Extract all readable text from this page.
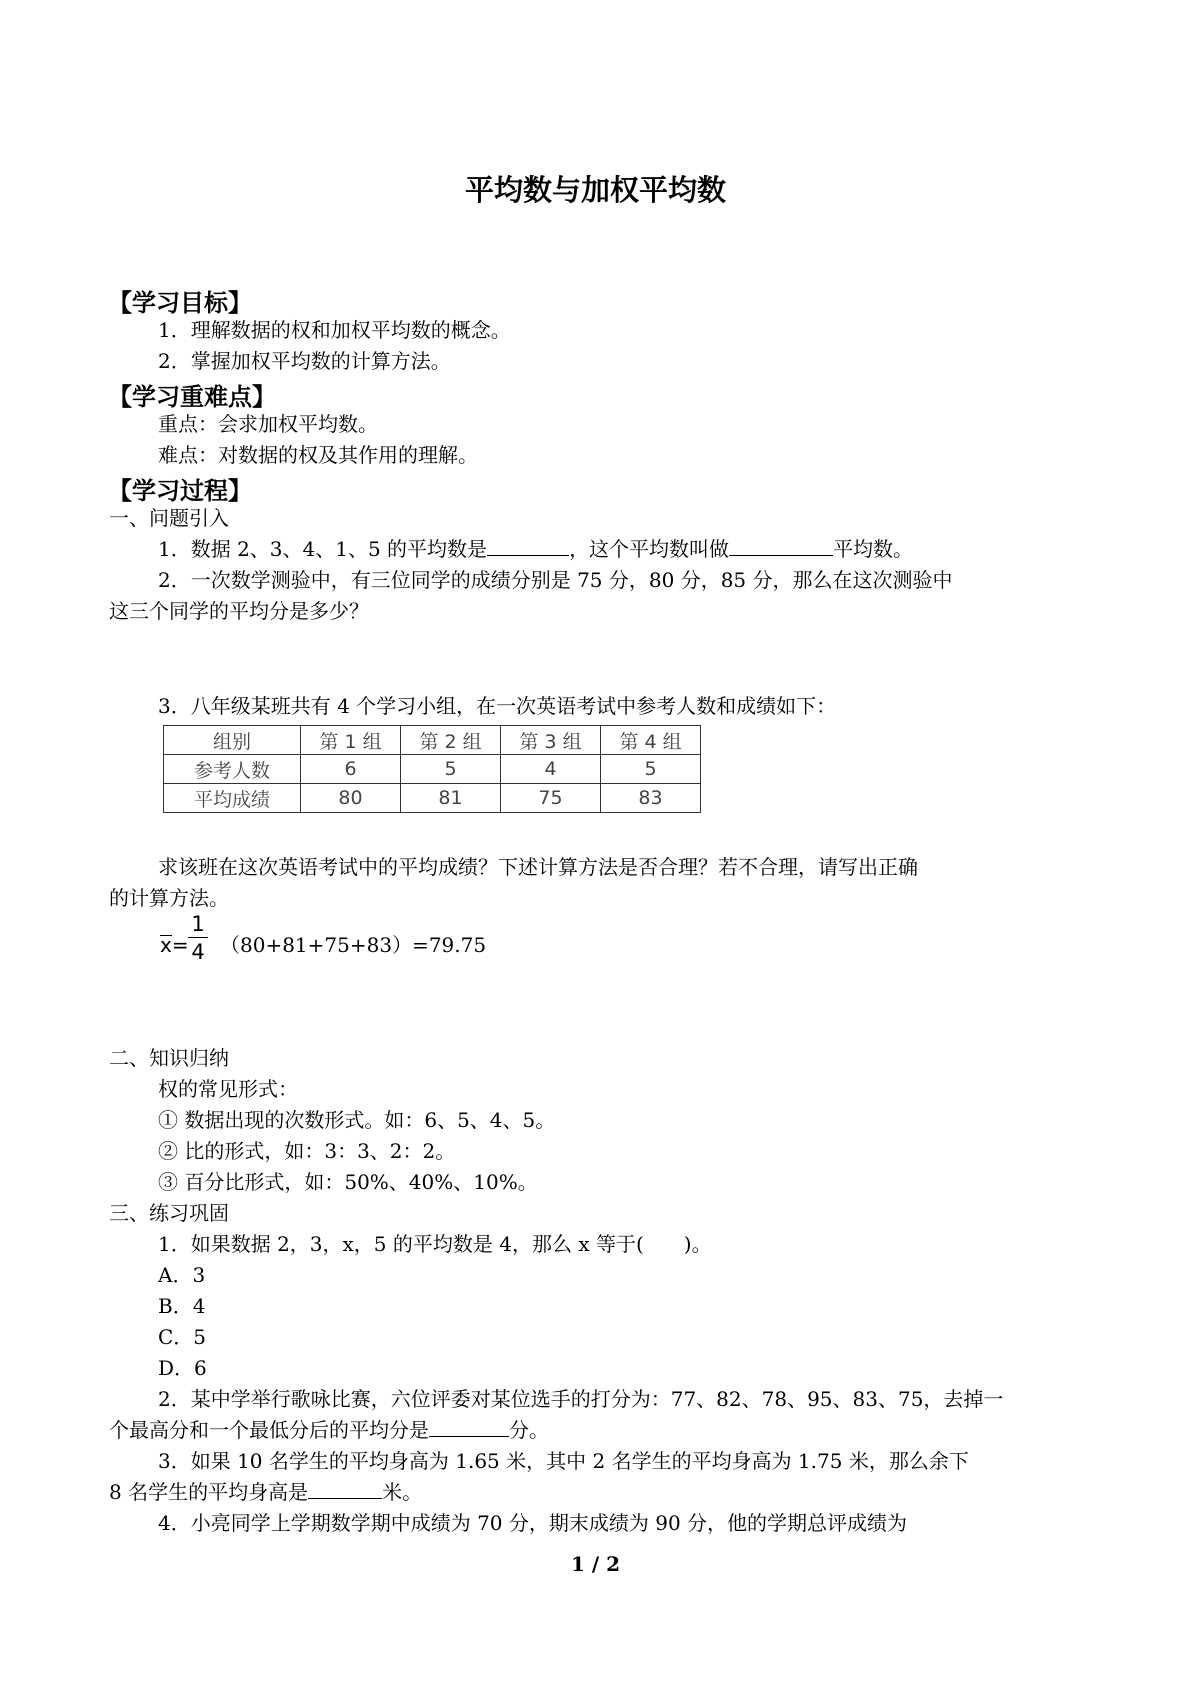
平均数与加权平均数
【学习目标】
1．理解数据的权和加权平均数的概念。
2．掌握加权平均数的计算方法。
【学习重难点】
重点：会求加权平均数。
难点：对数据的权及其作用的理解。
【学习过程】
一、问题引入
1．数据 2、3、4、1、5 的平均数是	，这个平均数叫做	平均数。
2．一次数学测验中，有三位同学的成绩分别是 75 分，80 分，85 分，那么在这次测验中
这三个同学的平均分是多少？
3．八年级某班共有 4 个学习小组，在一次英语考试中参考人数和成绩如下：
组别	第 1 组	第 2 组	第 3 组	第 4 组
参考人数	6	5	4	5
平均成绩	80	81	75	83
求该班在这次英语考试中的平均成绩？下述计算方法是否合理？若不合理，请写出正确
的计算方法。
$x= \frac{1}{4} (80+81+75+83)=79.75$
二、知识归纳
权的常见形式：
① 数据出现的次数形式。如：6、5、4、5。
② 比的形式，如：3：3、2：2。
③ 百分比形式，如：50%、40%、10%。
三、练习巩固
1．如果数据 2，3，x，5 的平均数是 4，那么 x 等于(　　)。
A．3
B．4
C．5
D．6
2．某中学举行歌咏比赛，六位评委对某位选手的打分为：77、82、78、95、83、75，去掉一
个最高分和一个最低分后的平均分是	分。
3．如果 10 名学生的平均身高为 1.65 米，其中 2 名学生的平均身高为 1.75 米，那么余下
8 名学生的平均身高是	米。
4．小亮同学上学期数学期中成绩为 70 分，期末成绩为 90 分，他的学期总评成绩为
1 / 2
